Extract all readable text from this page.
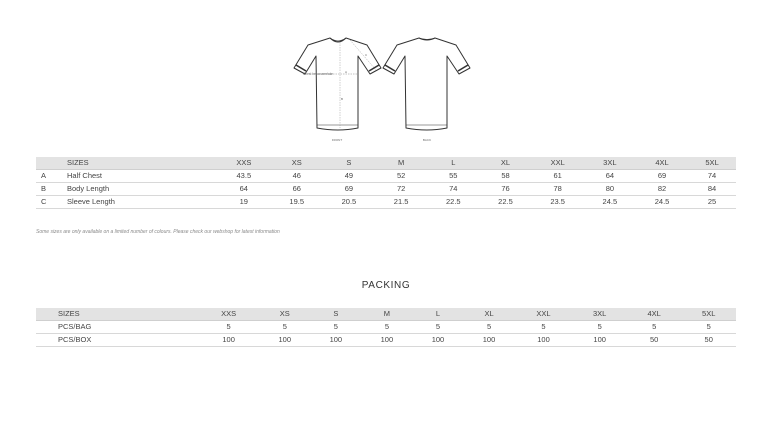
Chest below armhole	A
B
C
FRONT	BACK
	SIZES	XXS	XS	S	M	L	XL	XXL	3XL	4XL	5XL
A	Half Chest	43.5	46	49	52	55	58	61	64	69	74
B	Body Length	64	66	69	72	74	76	78	80	82	84
C	Sleeve Length	19	19.5	20.5	21.5	22.5	22.5	23.5	24.5	24.5	25

Some sizes are only available on a limited number of colours. Please check our webshop for latest information

PACKING
SIZES	XXS	XS	S	M	L	XL	XXL	3XL	4XL	5XL
PCS/BAG	5	5	5	5	5	5	5	5	5	5
PCS/BOX	100	100	100	100	100	100	100	100	50	50
